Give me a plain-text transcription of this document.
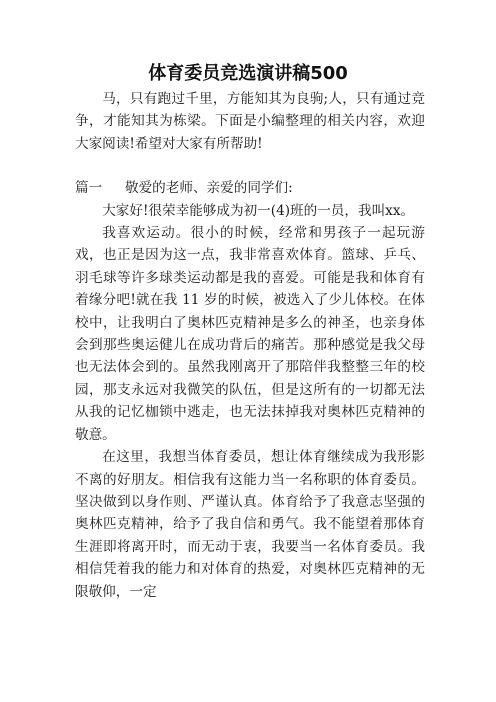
体育委员竞选演讲稿500

马，只有跑过千里，方能知其为良驹;人，只有通过竞争，才能知其为栋梁。下面是小编整理的相关内容，欢迎大家阅读!希望对大家有所帮助!

篇一 敬爱的老师、亲爱的同学们:

大家好!很荣幸能够成为初一(4)班的一员，我叫xx。

我喜欢运动。很小的时候，经常和男孩子一起玩游戏，也正是因为这一点，我非常喜欢体育。篮球、乒乓、羽毛球等许多球类运动都是我的喜爱。可能是我和体育有着缘分吧!就在我 11 岁的时候，被选入了少儿体校。在体校中，让我明白了奥林匹克精神是多么的神圣，也亲身体会到那些奥运健儿在成功背后的痛苦。那种感觉是我父母也无法体会到的。虽然我刚离开了那陪伴我整整三年的校园，那支永远对我微笑的队伍，但是这所有的一切都无法从我的记忆枷锁中逃走，也无法抹掉我对奥林匹克精神的敬意。

在这里，我想当体育委员，想让体育继续成为我形影不离的好朋友。相信我有这能力当一名称职的体育委员。坚决做到以身作则、严谨认真。体育给予了我意志坚强的奥林匹克精神，给予了我自信和勇气。我不能望着那体育生涯即将离开时，而无动于衷，我要当一名体育委员。我相信凭着我的能力和对体育的热爱，对奥林匹克精神的无限敬仰，一定
